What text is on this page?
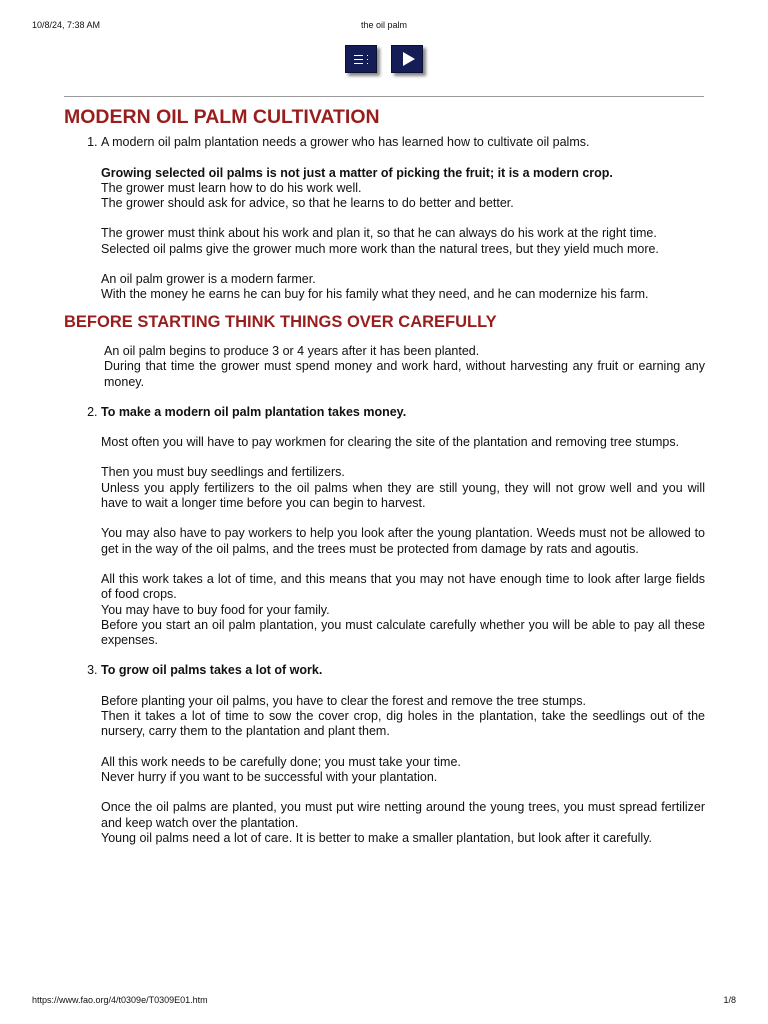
10/8/24, 7:38 AM	the oil palm
MODERN OIL PALM CULTIVATION

1. A modern oil palm plantation needs a grower who has learned how to cultivate oil palms.

Growing selected oil palms is not just a matter of picking the fruit; it is a modern crop.
The grower must learn how to do his work well.
The grower should ask for advice, so that he learns to do better and better.

The grower must think about his work and plan it, so that he can always do his work at the right time.
Selected oil palms give the grower much more work than the natural trees, but they yield much more.

An oil palm grower is a modern farmer.
With the money he earns he can buy for his family what they need, and he can modernize his farm.

BEFORE STARTING THINK THINGS OVER CAREFULLY

An oil palm begins to produce 3 or 4 years after it has been planted.
During that time the grower must spend money and work hard, without harvesting any fruit or earning any money.

2. To make a modern oil palm plantation takes money.

Most often you will have to pay workmen for clearing the site of the plantation and removing tree stumps.

Then you must buy seedlings and fertilizers.
Unless you apply fertilizers to the oil palms when they are still young, they will not grow well and you will have to wait a longer time before you can begin to harvest.

You may also have to pay workers to help you look after the young plantation. Weeds must not be allowed to get in the way of the oil palms, and the trees must be protected from damage by rats and agoutis.

All this work takes a lot of time, and this means that you may not have enough time to look after large fields of food crops.
You may have to buy food for your family.
Before you start an oil palm plantation, you must calculate carefully whether you will be able to pay all these expenses.

3. To grow oil palms takes a lot of work.

Before planting your oil palms, you have to clear the forest and remove the tree stumps.
Then it takes a lot of time to sow the cover crop, dig holes in the plantation, take the seedlings out of the nursery, carry them to the plantation and plant them.

All this work needs to be carefully done; you must take your time.
Never hurry if you want to be successful with your plantation.

Once the oil palms are planted, you must put wire netting around the young trees, you must spread fertilizer and keep watch over the plantation.
Young oil palms need a lot of care. It is better to make a smaller plantation, but look after it carefully.

https://www.fao.org/4/t0309e/T0309E01.htm	1/8
